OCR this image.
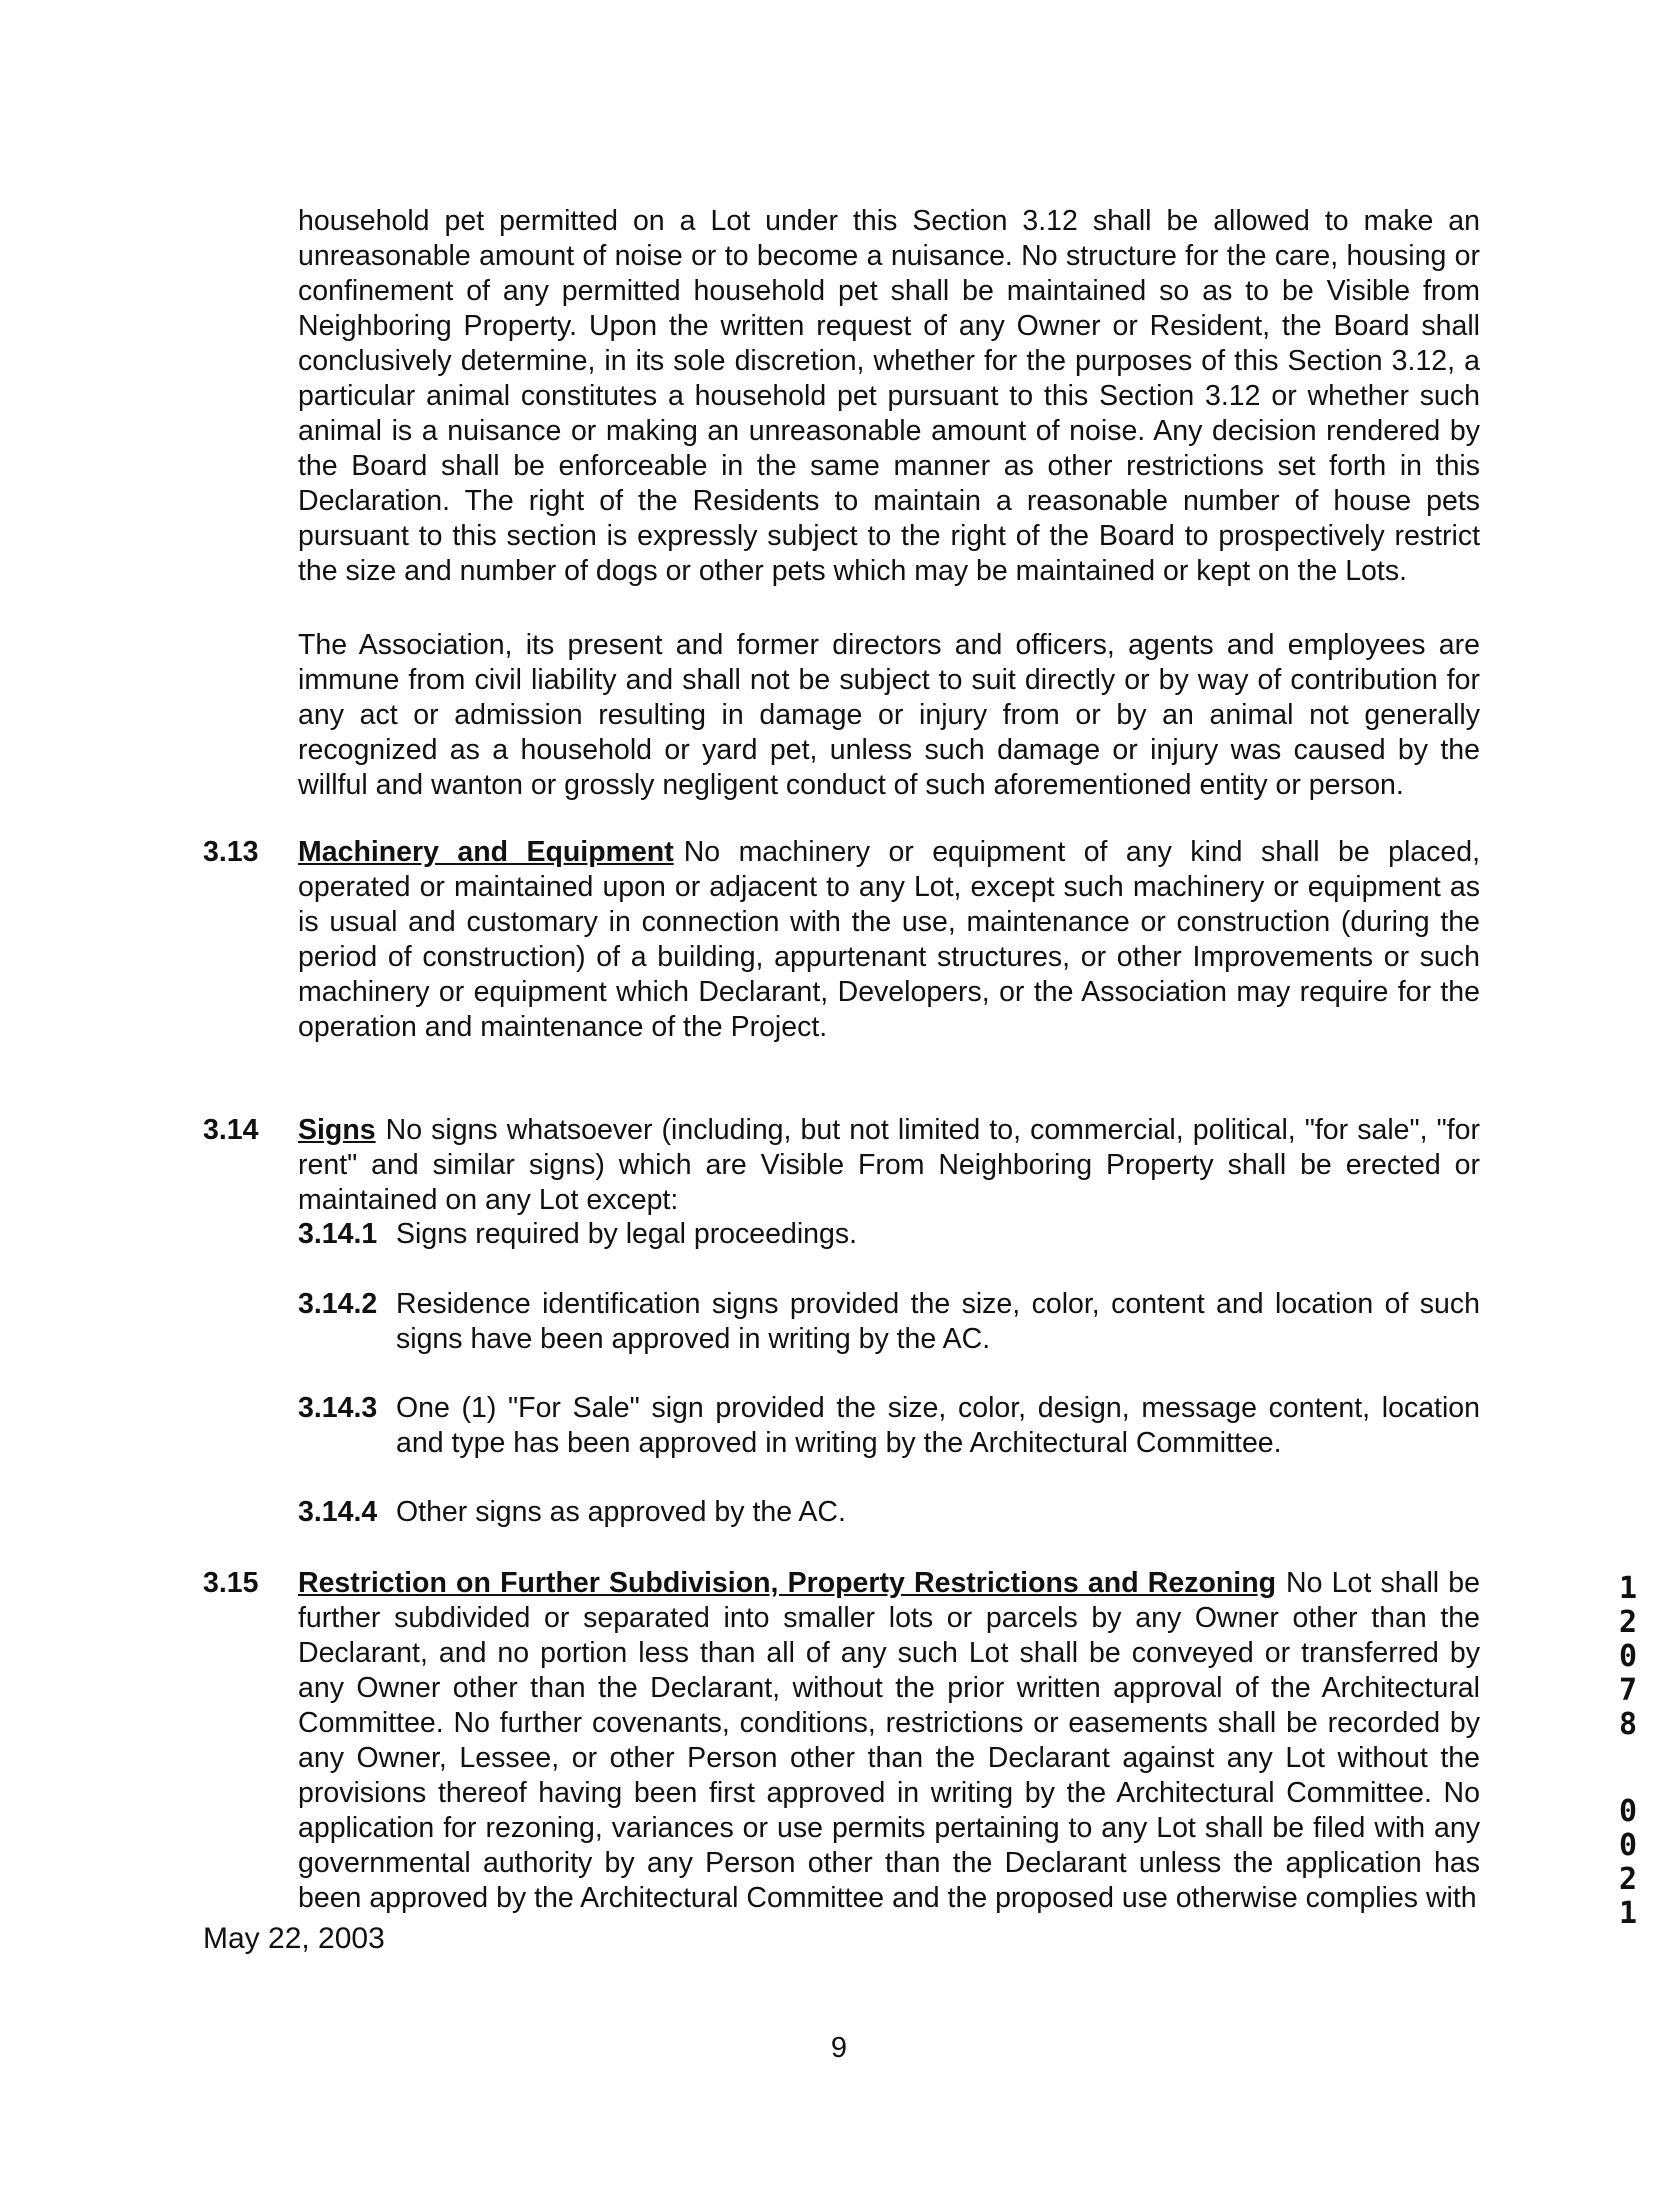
household pet permitted on a Lot under this Section 3.12 shall be allowed to make an unreasonable amount of noise or to become a nuisance. No structure for the care, housing or confinement of any permitted household pet shall be maintained so as to be Visible from Neighboring Property. Upon the written request of any Owner or Resident, the Board shall conclusively determine, in its sole discretion, whether for the purposes of this Section 3.12, a particular animal constitutes a household pet pursuant to this Section 3.12 or whether such animal is a nuisance or making an unreasonable amount of noise. Any decision rendered by the Board shall be enforceable in the same manner as other restrictions set forth in this Declaration. The right of the Residents to maintain a reasonable number of house pets pursuant to this section is expressly subject to the right of the Board to prospectively restrict the size and number of dogs or other pets which may be maintained or kept on the Lots.

The Association, its present and former directors and officers, agents and employees are immune from civil liability and shall not be subject to suit directly or by way of contribution for any act or admission resulting in damage or injury from or by an animal not generally recognized as a household or yard pet, unless such damage or injury was caused by the willful and wanton or grossly negligent conduct of such aforementioned entity or person.

3.13 Machinery and Equipment No machinery or equipment of any kind shall be placed, operated or maintained upon or adjacent to any Lot, except such machinery or equipment as is usual and customary in connection with the use, maintenance or construction (during the period of construction) of a building, appurtenant structures, or other Improvements or such machinery or equipment which Declarant, Developers, or the Association may require for the operation and maintenance of the Project.
3.14 Signs No signs whatsoever (including, but not limited to, commercial, political, "for sale", "for rent" and similar signs) which are Visible From Neighboring Property shall be erected or maintained on any Lot except:
3.14.1 Signs required by legal proceedings.
3.14.2 Residence identification signs provided the size, color, content and location of such signs have been approved in writing by the AC.
3.14.3 One (1) "For Sale" sign provided the size, color, design, message content, location and type has been approved in writing by the Architectural Committee.
3.14.4 Other signs as approved by the AC.
3.15 Restriction on Further Subdivision, Property Restrictions and Rezoning No Lot shall be further subdivided or separated into smaller lots or parcels by any Owner other than the Declarant, and no portion less than all of any such Lot shall be conveyed or transferred by any Owner other than the Declarant, without the prior written approval of the Architectural Committee. No further covenants, conditions, restrictions or easements shall be recorded by any Owner, Lessee, or other Person other than the Declarant against any Lot without the provisions thereof having been first approved in writing by the Architectural Committee. No application for rezoning, variances or use permits pertaining to any Lot shall be filed with any governmental authority by any Person other than the Declarant unless the application has been approved by the Architectural Committee and the proposed use otherwise complies with
May 22, 2003
9
1
2
0
7
8
0
0
2
1
